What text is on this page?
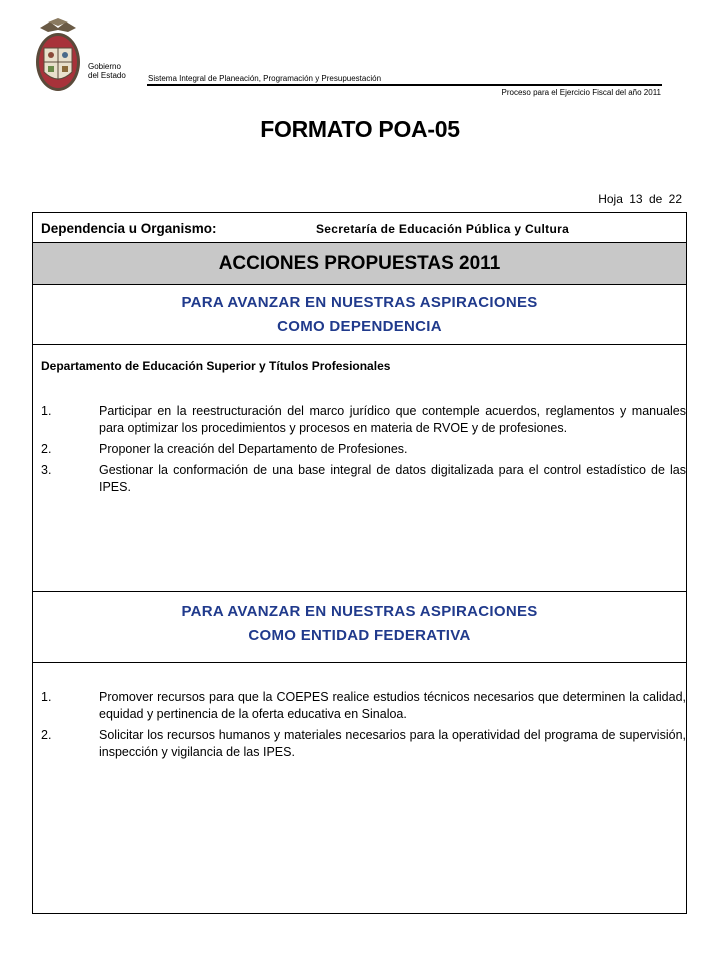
Gobierno
del Estado	Sistema Integral de Planeación, Programación y Presupuestación
Proceso para el Ejercicio Fiscal del año 2011
FORMATO POA-05
Hoja 13 de 22
Dependencia u Organismo:	Secretaría de Educación Pública y Cultura
ACCIONES PROPUESTAS 2011
PARA AVANZAR EN NUESTRAS ASPIRACIONES
COMO DEPENDENCIA
Departamento de Educación Superior y Títulos Profesionales
1.	Participar en la reestructuración del marco jurídico que contemple acuerdos, reglamentos y manuales para optimizar los procedimientos y procesos en materia de RVOE y de profesiones.
2.	Proponer la creación del Departamento de Profesiones.
3.	Gestionar la conformación de una base integral de datos digitalizada para el control estadístico de las IPES.
PARA AVANZAR EN NUESTRAS ASPIRACIONES
COMO ENTIDAD FEDERATIVA
1.	Promover recursos para que la COEPES realice estudios técnicos necesarios que determinen la calidad, equidad y pertinencia de la oferta educativa en Sinaloa.
2.	Solicitar los recursos humanos y materiales necesarios para la operatividad del programa de supervisión, inspección y vigilancia de las IPES.
